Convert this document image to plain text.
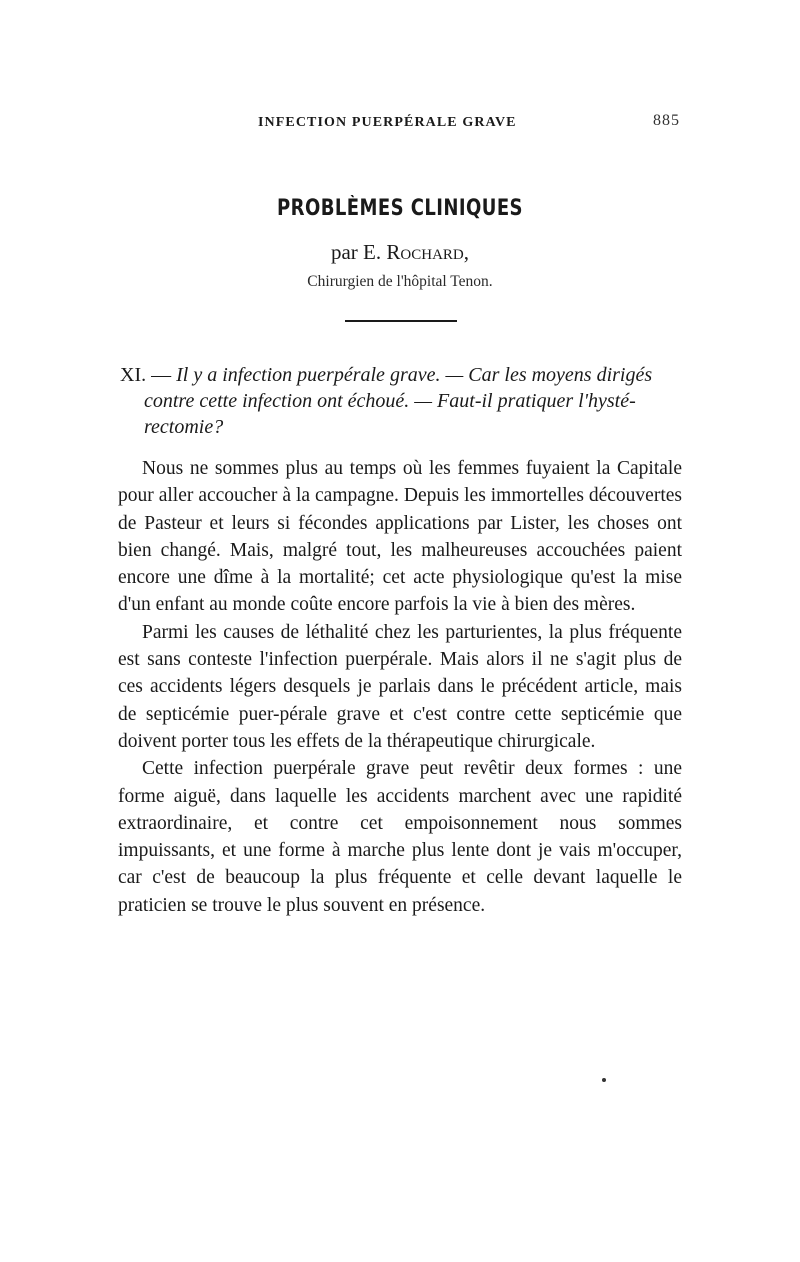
INFECTION PUERPÉRALE GRAVE	885
PROBLÈMES CLINIQUES
par E. Rochard,
Chirurgien de l'hôpital Tenon.
XI. — Il y a infection puerpérale grave. — Car les moyens dirigés
contre cette infection ont échoué. — Faut-il pratiquer l'hysté-
rectomie?

Nous ne sommes plus au temps où les femmes fuyaient la Capitale pour aller accoucher à la campagne. Depuis les immortelles découvertes de Pasteur et leurs si fécondes applications par Lister, les choses ont bien changé. Mais, malgré tout, les malheureuses accouchées paient encore une dîme à la mortalité; cet acte physiologique qu'est la mise d'un enfant au monde coûte encore parfois la vie à bien des mères.

Parmi les causes de léthalité chez les parturientes, la plus fréquente est sans conteste l'infection puerpérale. Mais alors il ne s'agit plus de ces accidents légers desquels je parlais dans le précédent article, mais de septicémie puer-pérale grave et c'est contre cette septicémie que doivent porter tous les effets de la thérapeutique chirurgicale.

Cette infection puerpérale grave peut revêtir deux formes : une forme aiguë, dans laquelle les accidents marchent avec une rapidité extraordinaire, et contre cet empoisonnement nous sommes impuissants, et une forme à marche plus lente dont je vais m'occuper, car c'est de beaucoup la plus fréquente et celle devant laquelle le praticien se trouve le plus souvent en présence.
